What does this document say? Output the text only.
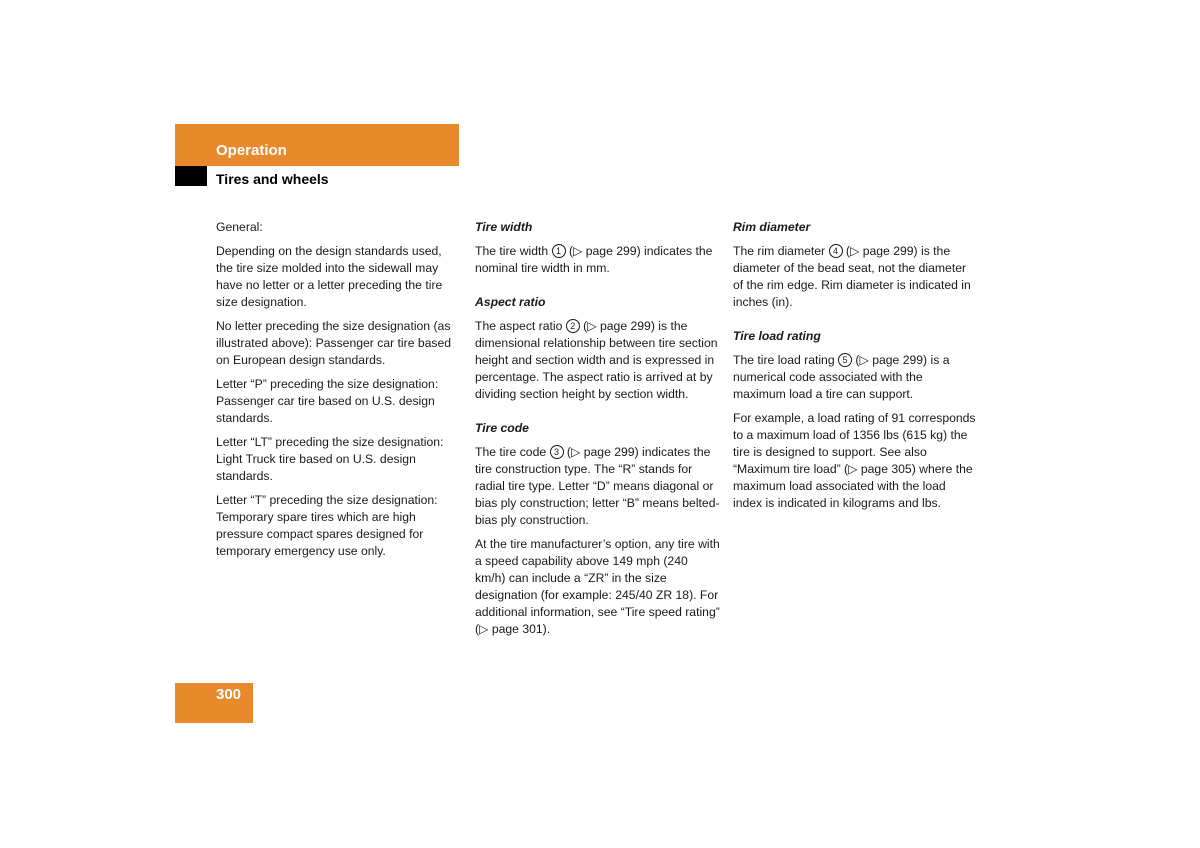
Operation
Tires and wheels

General:

Depending on the design standards used, the tire size molded into the sidewall may have no letter or a letter preceding the tire size designation.

No letter preceding the size designation (as illustrated above): Passenger car tire based on European design standards.

Letter “P” preceding the size designation: Passenger car tire based on U.S. design standards.

Letter “LT” preceding the size designation: Light Truck tire based on U.S. design standards.

Letter “T” preceding the size designation: Temporary spare tires which are high pressure compact spares designed for temporary emergency use only.

Tire width

The tire width 1 (▷ page 299) indicates the nominal tire width in mm.

Aspect ratio

The aspect ratio 2 (▷ page 299) is the dimensional relationship between tire section height and section width and is expressed in percentage. The aspect ratio is arrived at by dividing section height by section width.

Tire code

The tire code 3 (▷ page 299) indicates the tire construction type. The “R” stands for radial tire type. Letter “D” means diagonal or bias ply construction; letter “B” means belted-bias ply construction.

At the tire manufacturer’s option, any tire with a speed capability above 149 mph (240 km/h) can include a “ZR” in the size designation (for example: 245/40 ZR 18). For additional information, see “Tire speed rating” (▷ page 301).

Rim diameter

The rim diameter 4 (▷ page 299) is the diameter of the bead seat, not the diameter of the rim edge. Rim diameter is indicated in inches (in).

Tire load rating

The tire load rating 5 (▷ page 299) is a numerical code associated with the maximum load a tire can support.

For example, a load rating of 91 corresponds to a maximum load of 1356 lbs (615 kg) the tire is designed to support. See also “Maximum tire load” (▷ page 305) where the maximum load associated with the load index is indicated in kilograms and lbs.

300
